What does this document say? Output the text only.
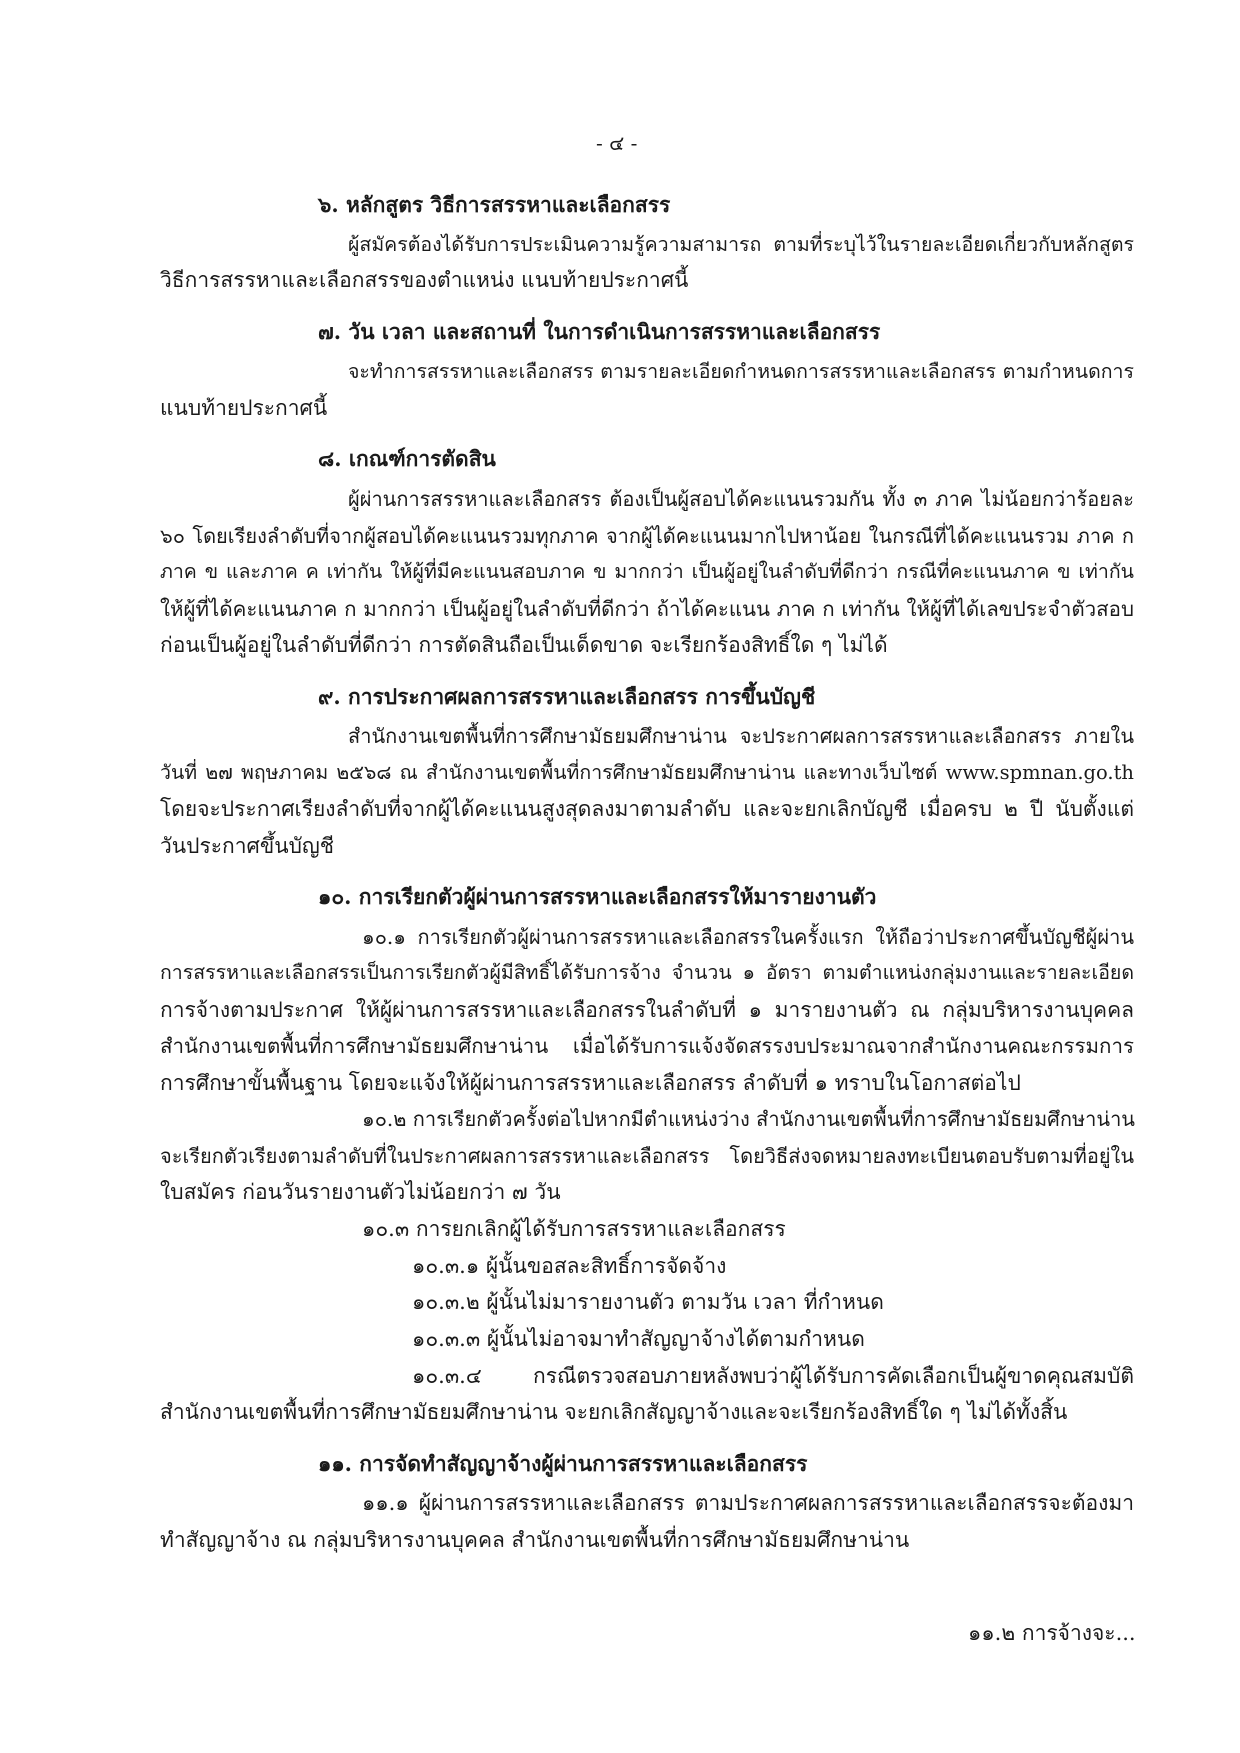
- ๔ -

๖. หลักสูตร วิธีการสรรหาและเลือกสรร

ผู้สมัครต้องได้รับการประเมินความรู้ความสามารถ ตามที่ระบุไว้ในรายละเอียดเกี่ยวกับหลักสูตร

วิธีการสรรหาและเลือกสรรของตำแหน่ง แนบท้ายประกาศนี้

๗. วัน เวลา และสถานที่ ในการดำเนินการสรรหาและเลือกสรร

จะทำการสรรหาและเลือกสรร ตามรายละเอียดกำหนดการสรรหาและเลือกสรร ตามกำหนดการ

แนบท้ายประกาศนี้

๘. เกณฑ์การตัดสิน

ผู้ผ่านการสรรหาและเลือกสรร ต้องเป็นผู้สอบได้คะแนนรวมกัน ทั้ง ๓ ภาค ไม่น้อยกว่าร้อยละ

๖๐ โดยเรียงลำดับที่จากผู้สอบได้คะแนนรวมทุกภาค จากผู้ได้คะแนนมากไปหาน้อย ในกรณีที่ได้คะแนนรวม ภาค ก

ภาค ข และภาค ค เท่ากัน ให้ผู้ที่มีคะแนนสอบภาค ข มากกว่า เป็นผู้อยู่ในลำดับที่ดีกว่า กรณีที่คะแนนภาค ข เท่ากัน

ให้ผู้ที่ได้คะแนนภาค ก มากกว่า เป็นผู้อยู่ในลำดับที่ดีกว่า ถ้าได้คะแนน ภาค ก เท่ากัน ให้ผู้ที่ได้เลขประจำตัวสอบ

ก่อนเป็นผู้อยู่ในลำดับที่ดีกว่า การตัดสินถือเป็นเด็ดขาด จะเรียกร้องสิทธิ์ใด ๆ ไม่ได้

๙. การประกาศผลการสรรหาและเลือกสรร การขึ้นบัญชี

สำนักงานเขตพื้นที่การศึกษามัธยมศึกษาน่าน จะประกาศผลการสรรหาและเลือกสรร ภายใน

วันที่ ๒๗ พฤษภาคม ๒๕๖๘ ณ สำนักงานเขตพื้นที่การศึกษามัธยมศึกษาน่าน และทางเว็บไซต์ www.spmnan.go.th

โดยจะประกาศเรียงลำดับที่จากผู้ได้คะแนนสูงสุดลงมาตามลำดับ และจะยกเลิกบัญชี เมื่อครบ ๒ ปี นับตั้งแต่

วันประกาศขึ้นบัญชี

๑๐. การเรียกตัวผู้ผ่านการสรรหาและเลือกสรรให้มารายงานตัว

๑๐.๑ การเรียกตัวผู้ผ่านการสรรหาและเลือกสรรในครั้งแรก ให้ถือว่าประกาศขึ้นบัญชีผู้ผ่าน

การสรรหาและเลือกสรรเป็นการเรียกตัวผู้มีสิทธิ์ได้รับการจ้าง จำนวน ๑ อัตรา ตามตำแหน่งกลุ่มงานและรายละเอียด

การจ้างตามประกาศ ให้ผู้ผ่านการสรรหาและเลือกสรรในลำดับที่ ๑ มารายงานตัว ณ กลุ่มบริหารงานบุคคล

สำนักงานเขตพื้นที่การศึกษามัธยมศึกษาน่าน เมื่อได้รับการแจ้งจัดสรรงบประมาณจากสำนักงานคณะกรรมการ

การศึกษาขั้นพื้นฐาน โดยจะแจ้งให้ผู้ผ่านการสรรหาและเลือกสรร ลำดับที่ ๑ ทราบในโอกาสต่อไป

๑๐.๒ การเรียกตัวครั้งต่อไปหากมีตำแหน่งว่าง สำนักงานเขตพื้นที่การศึกษามัธยมศึกษาน่าน

จะเรียกตัวเรียงตามลำดับที่ในประกาศผลการสรรหาและเลือกสรร โดยวิธีส่งจดหมายลงทะเบียนตอบรับตามที่อยู่ใน

ใบสมัคร ก่อนวันรายงานตัวไม่น้อยกว่า ๗ วัน

๑๐.๓ การยกเลิกผู้ได้รับการสรรหาและเลือกสรร

๑๐.๓.๑ ผู้นั้นขอสละสิทธิ์การจัดจ้าง

๑๐.๓.๒ ผู้นั้นไม่มารายงานตัว ตามวัน เวลา ที่กำหนด

๑๐.๓.๓ ผู้นั้นไม่อาจมาทำสัญญาจ้างได้ตามกำหนด

๑๐.๓.๔ กรณีตรวจสอบภายหลังพบว่าผู้ได้รับการคัดเลือกเป็นผู้ขาดคุณสมบัติ

สำนักงานเขตพื้นที่การศึกษามัธยมศึกษาน่าน จะยกเลิกสัญญาจ้างและจะเรียกร้องสิทธิ์ใด ๆ ไม่ได้ทั้งสิ้น

๑๑. การจัดทำสัญญาจ้างผู้ผ่านการสรรหาและเลือกสรร

๑๑.๑ ผู้ผ่านการสรรหาและเลือกสรร ตามประกาศผลการสรรหาและเลือกสรรจะต้องมา

ทำสัญญาจ้าง ณ กลุ่มบริหารงานบุคคล สำนักงานเขตพื้นที่การศึกษามัธยมศึกษาน่าน

๑๑.๒ การจ้างจะ...
